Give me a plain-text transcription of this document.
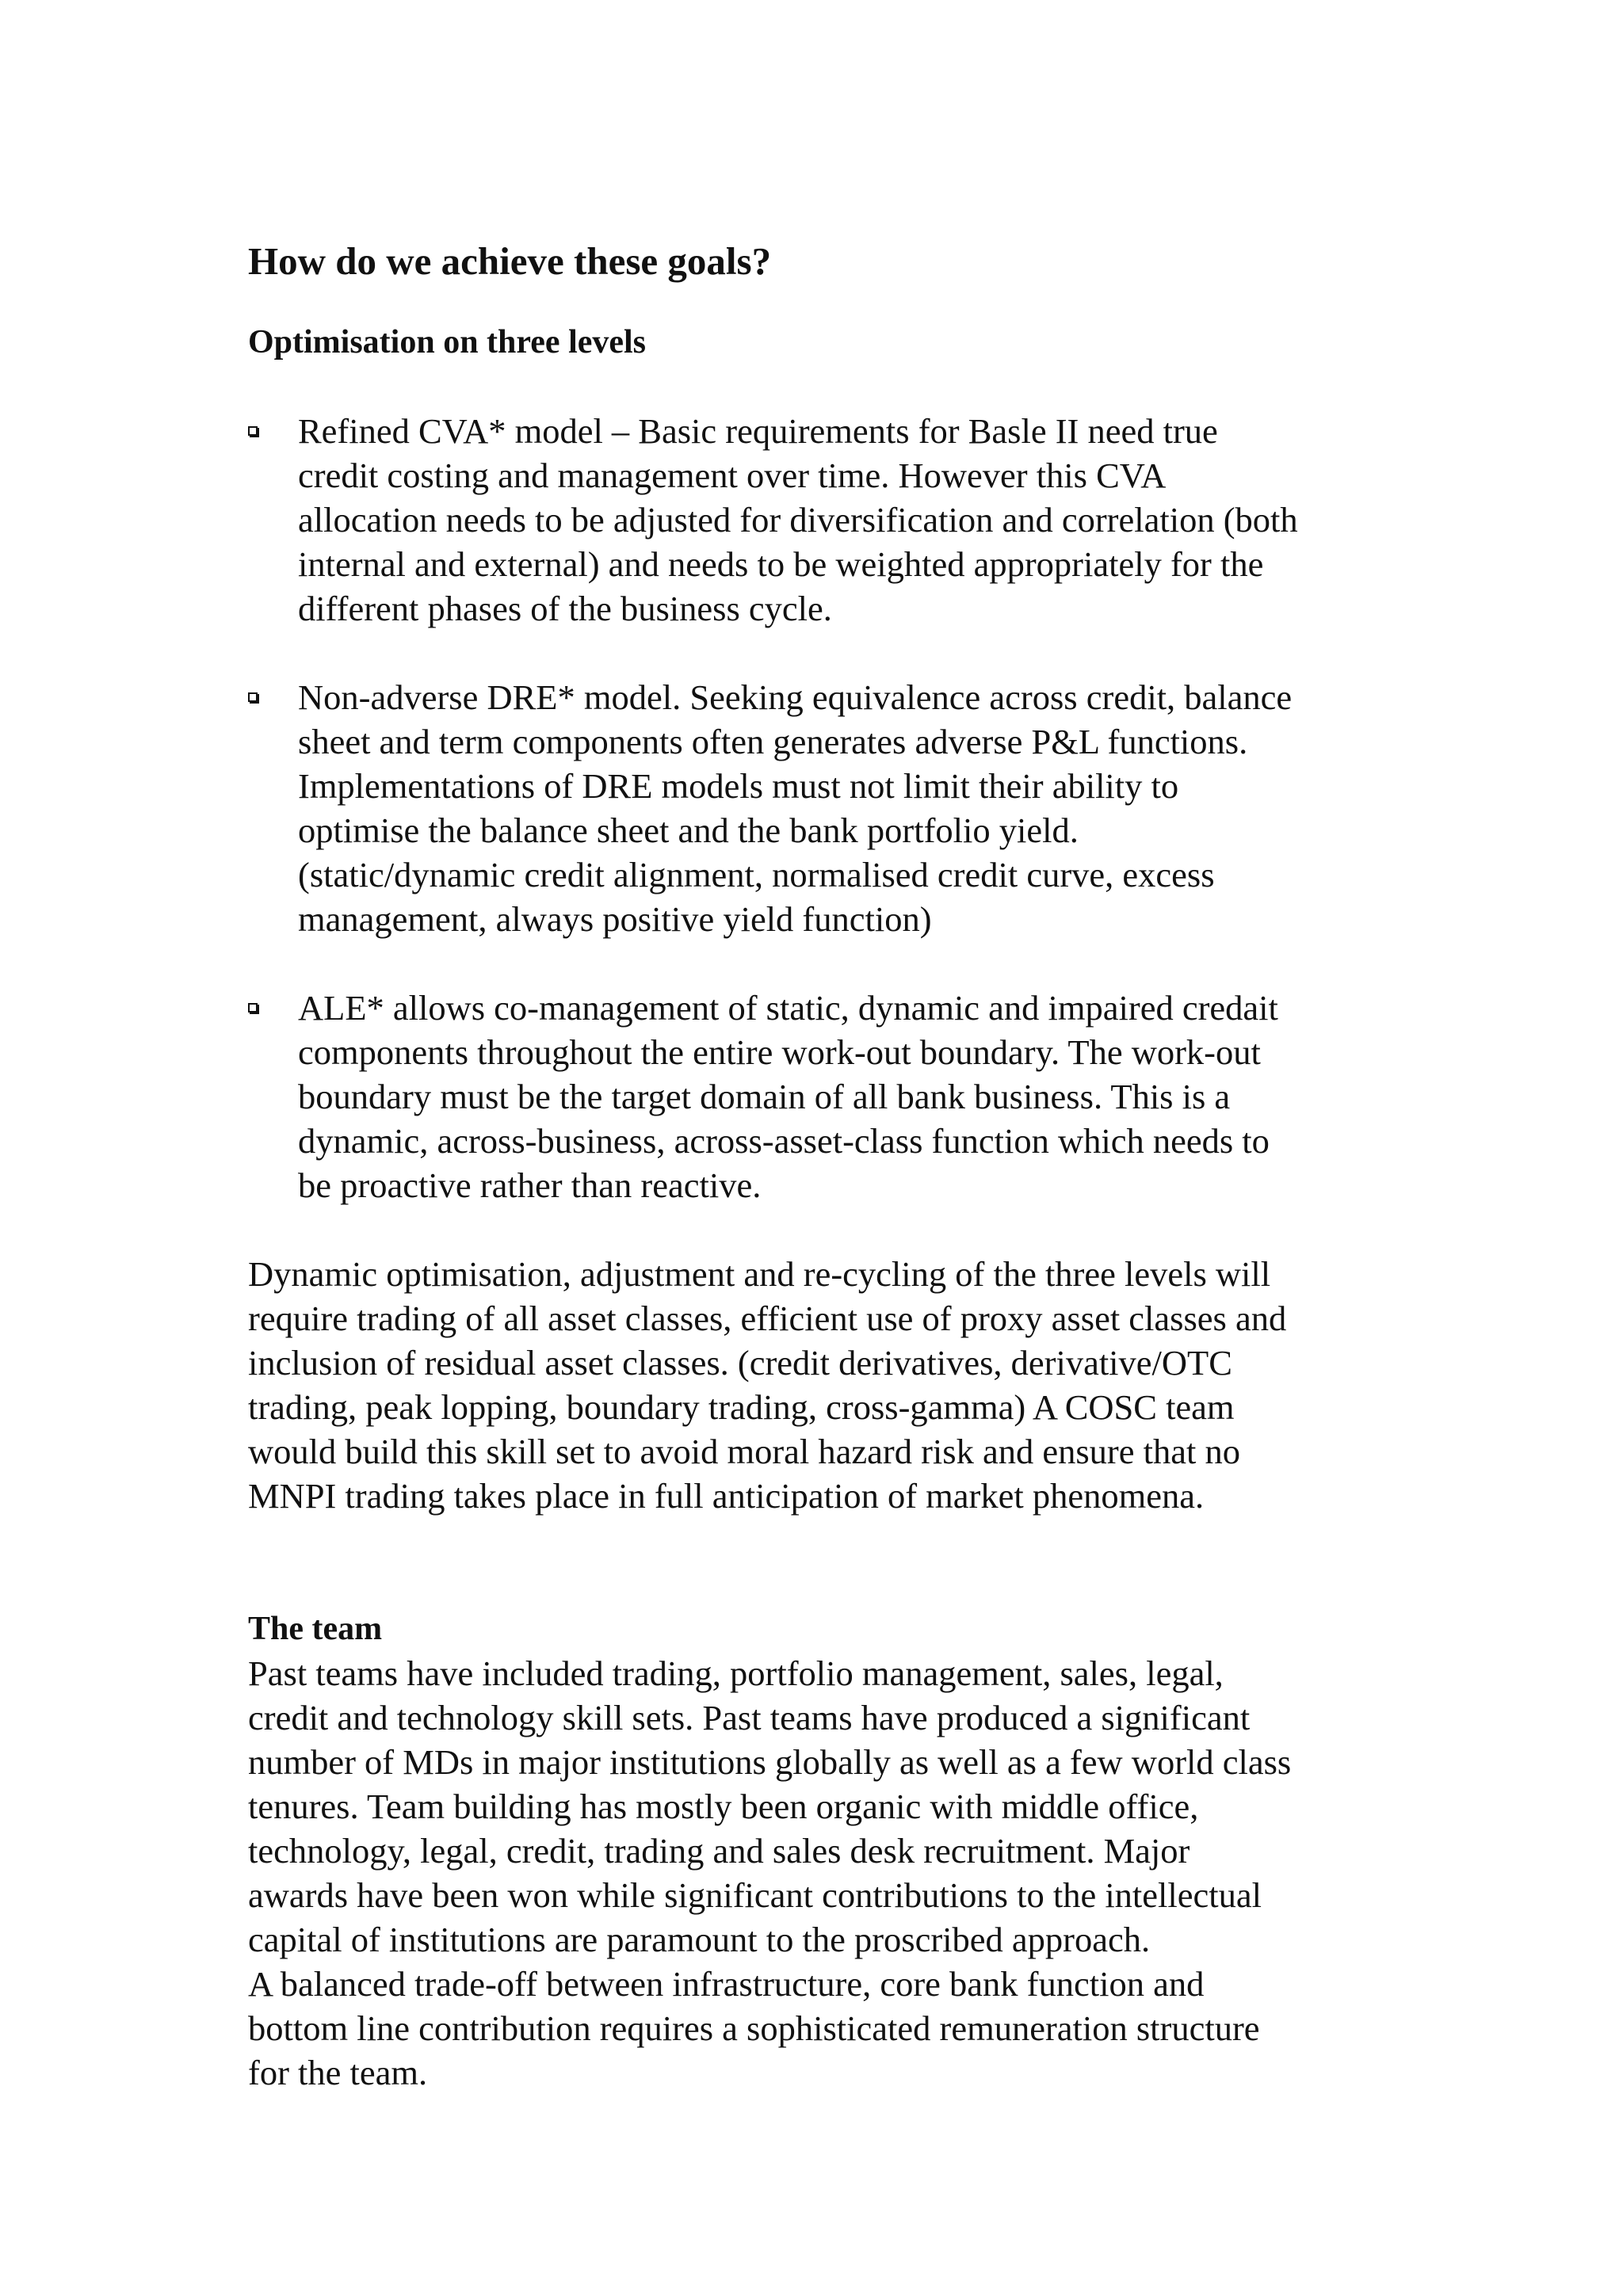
How do we achieve these goals?
Optimisation on three levels
Refined CVA* model – Basic requirements for Basle II need true
credit costing and management over time. However this CVA
allocation needs to be adjusted for diversification and correlation (both
internal and external) and needs to be weighted appropriately for the
different phases of the business cycle.
Non-adverse DRE* model. Seeking equivalence across credit, balance
sheet and term components often generates adverse P&L functions.
Implementations of DRE models must not limit their ability to
optimise the balance sheet and the bank portfolio yield.
(static/dynamic credit alignment, normalised credit curve, excess
management, always positive yield function)
ALE* allows co-management of static, dynamic and impaired credait
components throughout the entire work-out boundary. The work-out
boundary must be the target domain of all bank business. This is a
dynamic, across-business, across-asset-class function which needs to
be proactive rather than reactive.
Dynamic optimisation, adjustment and re-cycling of the three levels will
require trading of all asset classes, efficient use of proxy asset classes and
inclusion of residual asset classes. (credit derivatives, derivative/OTC
trading, peak lopping, boundary trading, cross-gamma) A COSC team
would build this skill set to avoid moral hazard risk and ensure that no
MNPI trading takes place in full anticipation of market phenomena.
The team
Past teams have included trading, portfolio management, sales, legal,
credit and technology skill sets. Past teams have produced a significant
number of MDs in major institutions globally as well as a few world class
tenures. Team building has mostly been organic with middle office,
technology, legal, credit, trading and sales desk recruitment. Major
awards have been won while significant contributions to the intellectual
capital of institutions are paramount to the proscribed approach.
A balanced trade-off between infrastructure, core bank function and
bottom line contribution requires a sophisticated remuneration structure
for the team.
